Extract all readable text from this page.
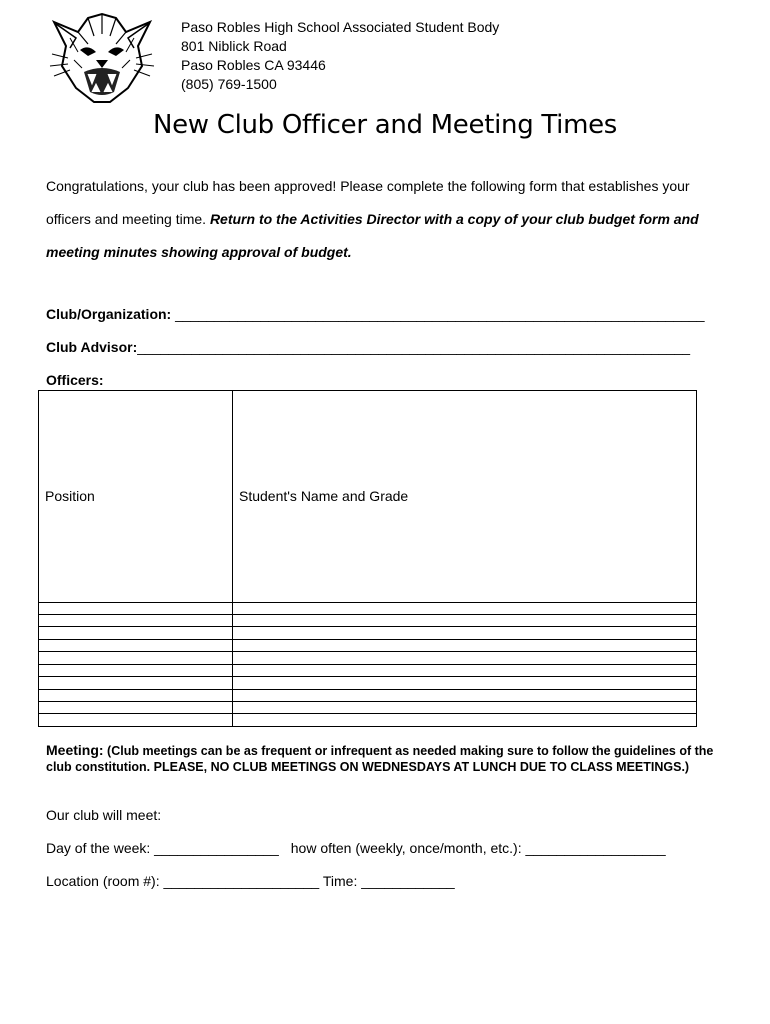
Paso Robles High School Associated Student Body
801 Niblick Road
Paso Robles CA 93446
(805) 769-1500
New Club Officer and Meeting Times
Congratulations, your club has been approved! Please complete the following form that establishes your officers and meeting time. Return to the Activities Director with a copy of your club budget form and meeting minutes showing approval of budget.
Club/Organization: ____________________________________________________________________
Club Advisor:_______________________________________________________________________
Officers:
Position	Student's Name and Grade

Meeting: (Club meetings can be as frequent or infrequent as needed making sure to follow the guidelines of the club constitution. PLEASE, NO CLUB MEETINGS ON WEDNESDAYS AT LUNCH DUE TO CLASS MEETINGS.)
Our club will meet:
Day of the week: ________________ how often (weekly, once/month, etc.): __________________
Location (room #): ____________________ Time: ____________
